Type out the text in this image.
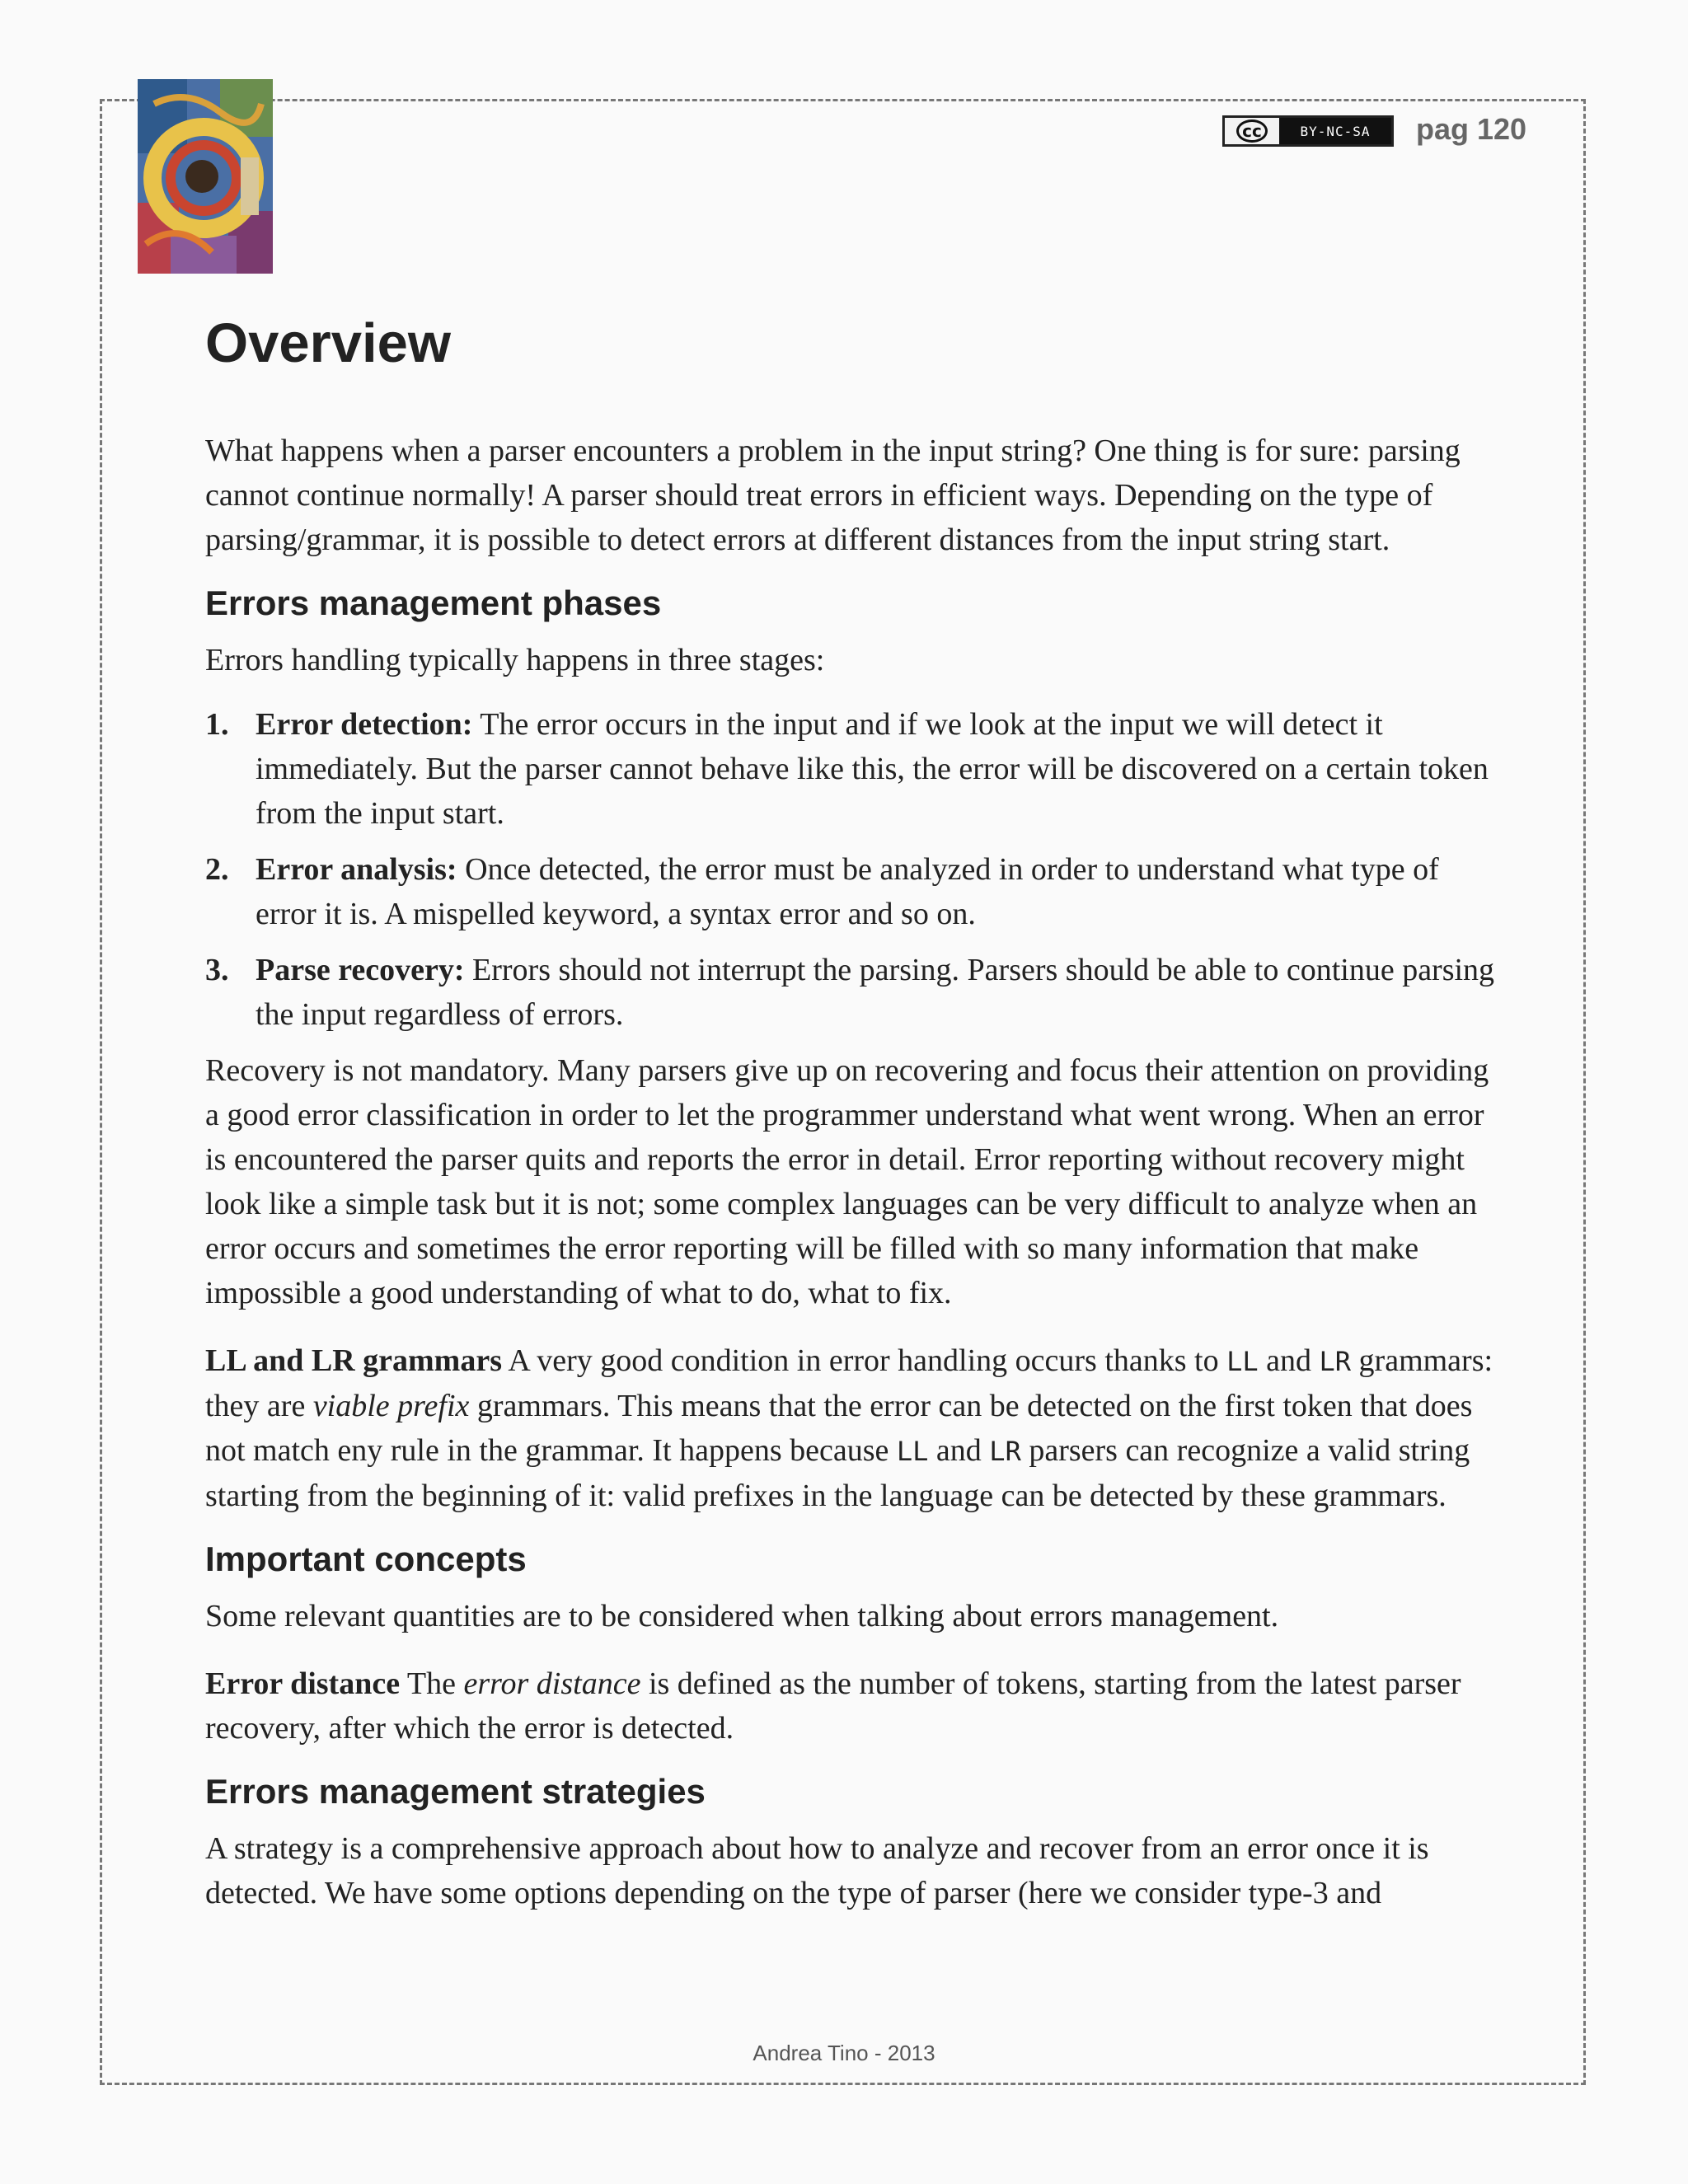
cc	BY-NC-SA	pag 120
Overview

What happens when a parser encounters a problem in the input string? One thing is for sure: parsing cannot continue normally! A parser should treat errors in efficient ways. Depending on the type of parsing/grammar, it is possible to detect errors at different distances from the input string start.

Errors management phases

Errors handling typically happens in three stages:

1. Error detection: The error occurs in the input and if we look at the input we will detect it immediately. But the parser cannot behave like this, the error will be discovered on a certain token from the input start.
2. Error analysis: Once detected, the error must be analyzed in order to understand what type of error it is. A mispelled keyword, a syntax error and so on.
3. Parse recovery: Errors should not interrupt the parsing. Parsers should be able to continue parsing the input regardless of errors.

Recovery is not mandatory. Many parsers give up on recovering and focus their attention on providing a good error classification in order to let the programmer understand what went wrong. When an error is encountered the parser quits and reports the error in detail. Error reporting without recovery might look like a simple task but it is not; some complex languages can be very difficult to analyze when an error occurs and sometimes the error reporting will be filled with so many information that make impossible a good understanding of what to do, what to fix.

LL and LR grammars A very good condition in error handling occurs thanks to LL and LR grammars: they are viable prefix grammars. This means that the error can be detected on the first token that does not match eny rule in the grammar. It happens because LL and LR parsers can recognize a valid string starting from the beginning of it: valid prefixes in the language can be detected by these grammars.

Important concepts

Some relevant quantities are to be considered when talking about errors management.

Error distance The error distance is defined as the number of tokens, starting from the latest parser recovery, after which the error is detected.

Errors management strategies

A strategy is a comprehensive approach about how to analyze and recover from an error once it is detected. We have some options depending on the type of parser (here we consider type-3 and

Andrea Tino - 2013
